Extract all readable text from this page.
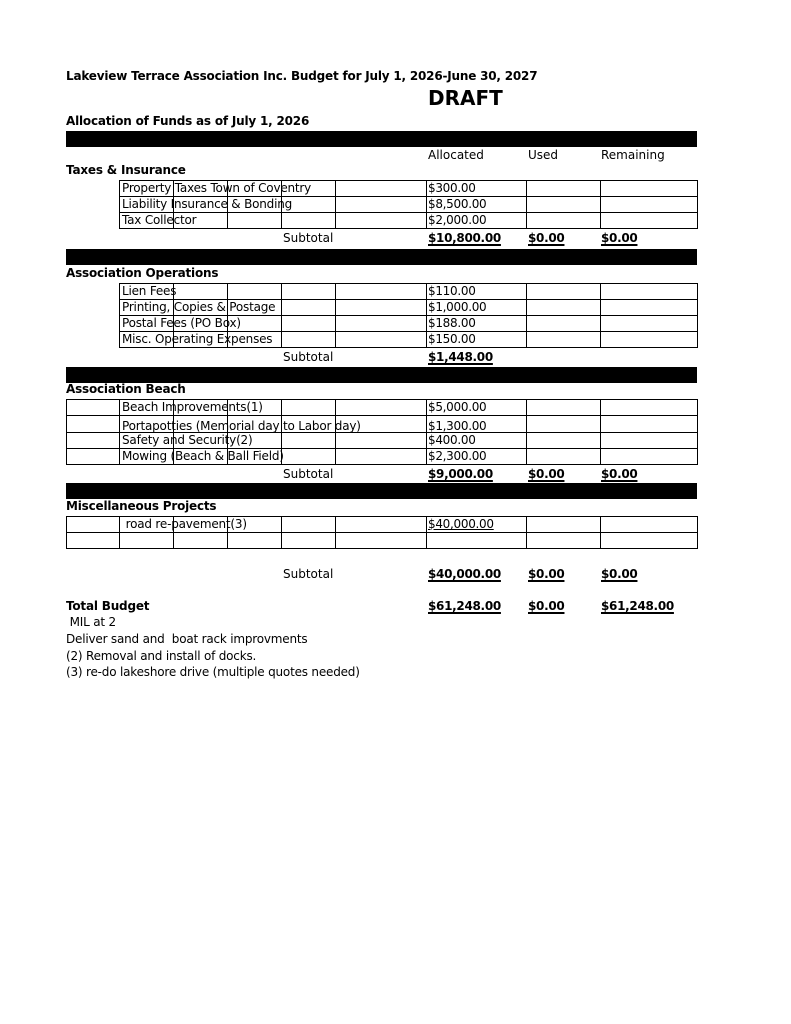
Lakeview Terrace Association Inc. Budget for July 1, 2026-June 30, 2027
DRAFT
Allocation of Funds as of July 1, 2026
Allocated	Used	Remaining
Taxes & Insurance
Property Taxes Town of Coventry					$300.00		

Liability Insurance & Bonding					$8,500.00		

Tax Collector					$2,000.00		

Subtotal	$10,800.00 $0.00	$0.00
Association Operations
Lien Fees					$110.00		

Printing, Copies & Postage					$1,000.00		

Postal Fees (PO Box)					$188.00		

Misc. Operating Expenses					$150.00		

Subtotal	$1,448.00
Association Beach

	Beach Improvements(1)					$5,000.00		

	Portapotties (Memorial day to Labor day)					$1,300.00		

	Safety and Security(2)					$400.00		

	Mowing (Beach & Ball Field)					$2,300.00		

Subtotal	$9,000.00	$0.00	$0.00
Miscellaneous Projects

	road re-pavement(3)					$40,000.00		

Subtotal	$40,000.00 $0.00	$0.00
Total Budget	$61,248.00 $0.00	$61,248.00
MIL at 2
Deliver sand and  boat rack improvments
(2) Removal and install of docks.
(3) re-do lakeshore drive (multiple quotes needed)
